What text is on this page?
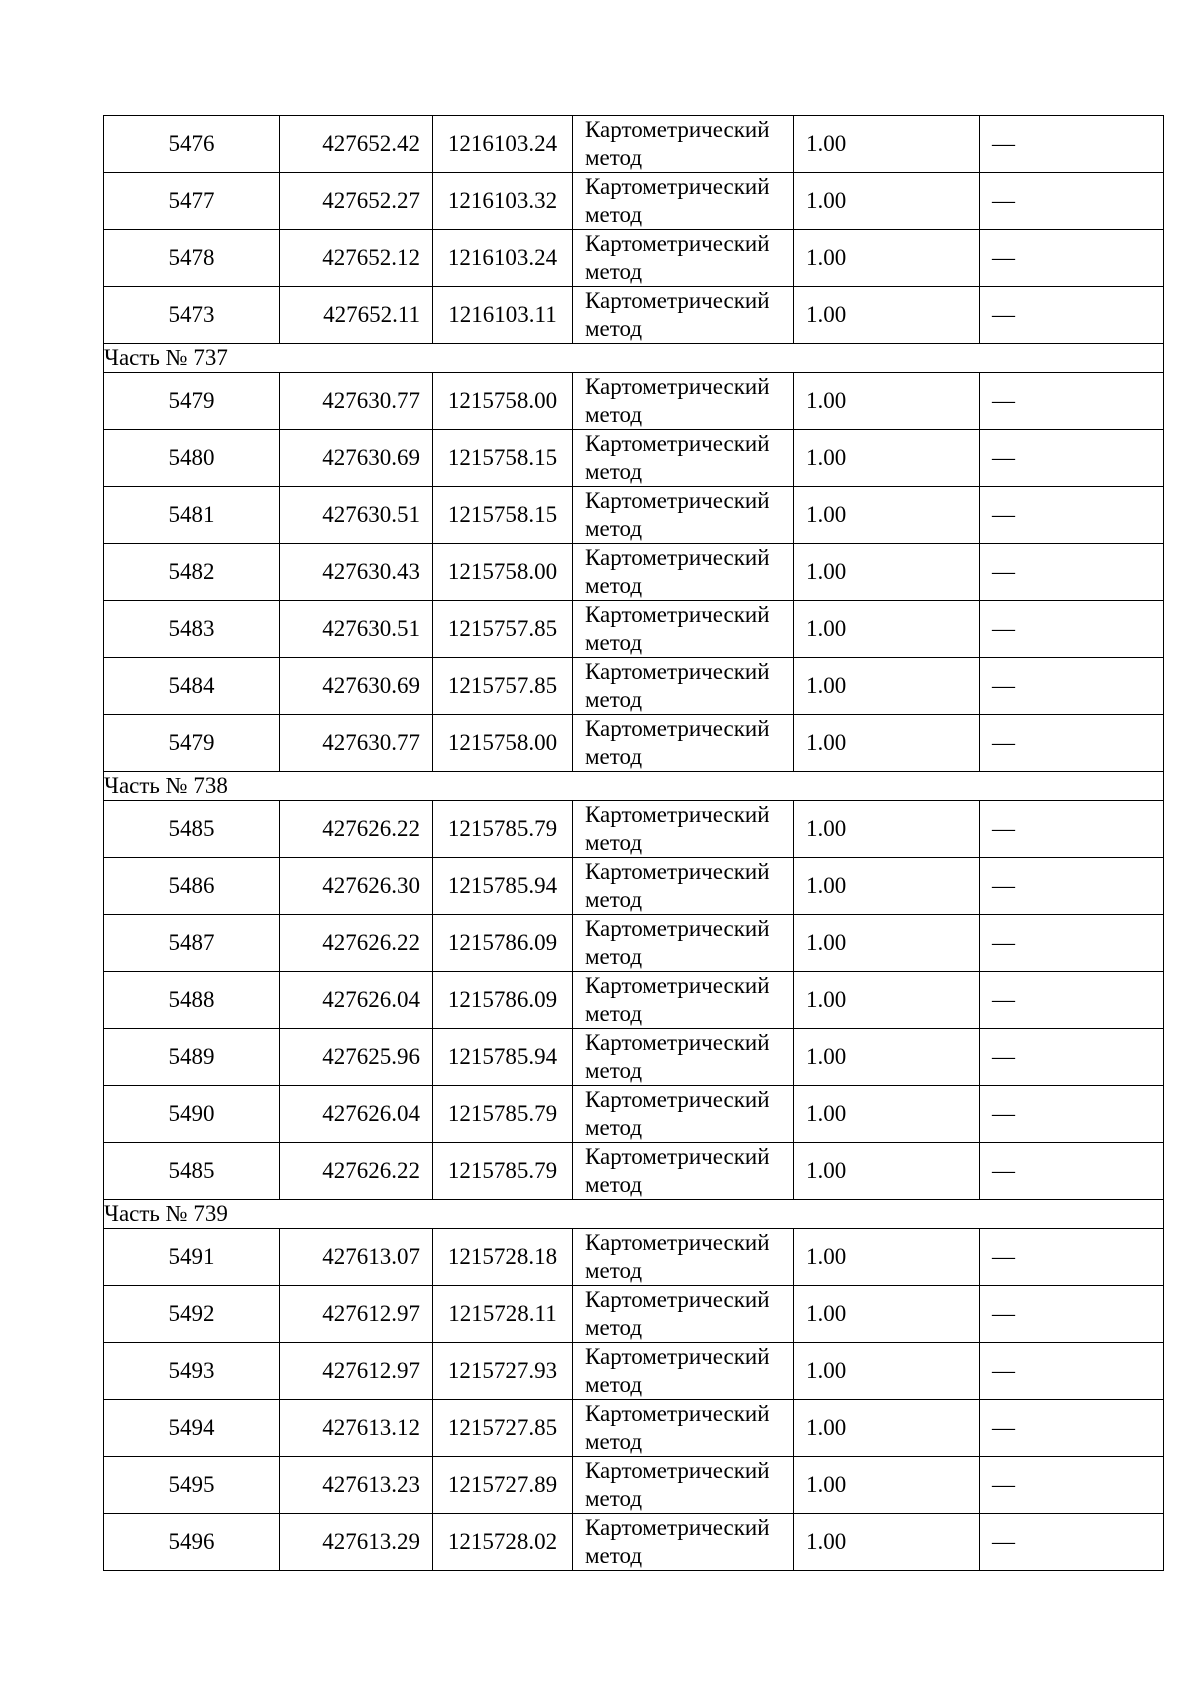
5476	427652.42	1216103.24	Картометрический
метод	1.00	—
5477	427652.27	1216103.32	Картометрический
метод	1.00	—
5478	427652.12	1216103.24	Картометрический
метод	1.00	—
5473	427652.11	1216103.11	Картометрический
метод	1.00	—
Часть № 737					
5479	427630.77	1215758.00	Картометрический
метод	1.00	—
5480	427630.69	1215758.15	Картометрический
метод	1.00	—
5481	427630.51	1215758.15	Картометрический
метод	1.00	—
5482	427630.43	1215758.00	Картометрический
метод	1.00	—
5483	427630.51	1215757.85	Картометрический
метод	1.00	—
5484	427630.69	1215757.85	Картометрический
метод	1.00	—
5479	427630.77	1215758.00	Картометрический
метод	1.00	—
Часть № 738					
5485	427626.22	1215785.79	Картометрический
метод	1.00	—
5486	427626.30	1215785.94	Картометрический
метод	1.00	—
5487	427626.22	1215786.09	Картометрический
метод	1.00	—
5488	427626.04	1215786.09	Картометрический
метод	1.00	—
5489	427625.96	1215785.94	Картометрический
метод	1.00	—
5490	427626.04	1215785.79	Картометрический
метод	1.00	—
5485	427626.22	1215785.79	Картометрический
метод	1.00	—
Часть № 739					
5491	427613.07	1215728.18	Картометрический
метод	1.00	—
5492	427612.97	1215728.11	Картометрический
метод	1.00	—
5493	427612.97	1215727.93	Картометрический
метод	1.00	—
5494	427613.12	1215727.85	Картометрический
метод	1.00	—
5495	427613.23	1215727.89	Картометрический
метод	1.00	—
5496	427613.29	1215728.02	Картометрический
метод	1.00	—
